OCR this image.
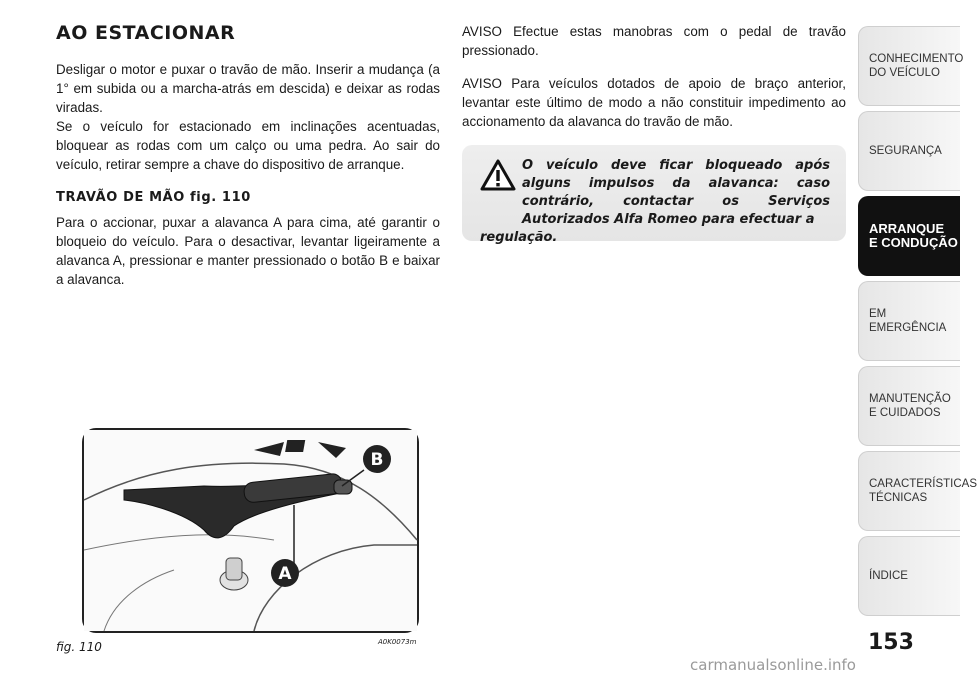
AO ESTACIONAR

Desligar o motor e puxar o travão de mão. Inserir a mudança (a 1° em subida ou a marcha-atrás em descida) e deixar as rodas viradas.

Se o veículo for estacionado em inclinações acentuadas, bloquear as rodas com um calço ou uma pedra. Ao sair do veículo, retirar sempre a chave do dispositivo de arranque.

TRAVÃO DE MÃO fig. 110

Para o accionar, puxar a alavanca A para cima, até garantir o bloqueio do veículo. Para o desactivar, levantar ligeiramente a alavanca A, pressionar e manter pressionado o botão B e baixar a alavanca.

AVISO Efectue estas manobras com o pedal de travão pressionado.

AVISO Para veículos dotados de apoio de braço anterior, levantar este último de modo a não constituir impedimento ao accionamento da alavanca do travão de mão.

O veículo deve ficar bloqueado após alguns impulsos da alavanca: caso contrário, contactar os Serviços Autorizados Alfa Romeo para efectuar a
regulação.
B
A
fig. 110	A0K0073m
CONHECIMENTO
DO VEÍCULO
SEGURANÇA
ARRANQUE
E CONDUÇÃO
EM EMERGÊNCIA
MANUTENÇÃO
E CUIDADOS
CARACTERÍSTICAS
TÉCNICAS
ÍNDICE
153
carmanualsonline.info
